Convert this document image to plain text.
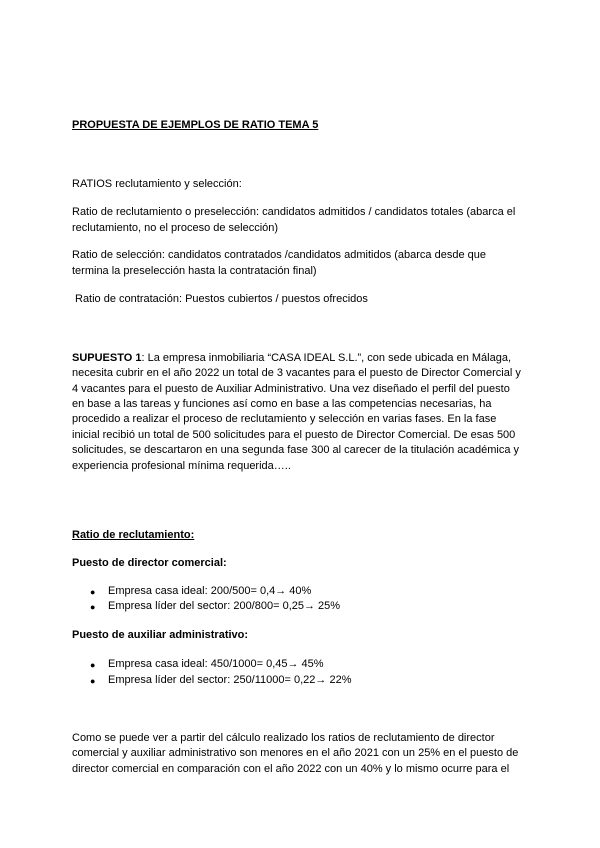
PROPUESTA DE EJEMPLOS DE RATIO TEMA 5
RATIOS reclutamiento y selección:
Ratio de reclutamiento o preselección: candidatos admitidos / candidatos totales (abarca el
reclutamiento, no el proceso de selección)
Ratio de selección: candidatos contratados /candidatos admitidos (abarca desde que
termina la preselección hasta la contratación final)
Ratio de contratación: Puestos cubiertos / puestos ofrecidos
SUPUESTO 1: La empresa inmobiliaria “CASA IDEAL S.L.”, con sede ubicada en Málaga,
necesita cubrir en el año 2022 un total de 3 vacantes para el puesto de Director Comercial y
4 vacantes para el puesto de Auxiliar Administrativo. Una vez diseñado el perfil del puesto
en base a las tareas y funciones así como en base a las competencias necesarias, ha
procedido a realizar el proceso de reclutamiento y selección en varias fases. En la fase
inicial recibió un total de 500 solicitudes para el puesto de Director Comercial. De esas 500
solicitudes, se descartaron en una segunda fase 300 al carecer de la titulación académica y
experiencia profesional mínima requerida…..
Ratio de reclutamiento:
Puesto de director comercial:
● Empresa casa ideal: 200/500= 0,4→ 40%
● Empresa líder del sector: 200/800= 0,25→ 25%
Puesto de auxiliar administrativo:
● Empresa casa ideal: 450/1000= 0,45→ 45%
● Empresa líder del sector: 250/11000= 0,22→ 22%
Como se puede ver a partir del cálculo realizado los ratios de reclutamiento de director
comercial y auxiliar administrativo son menores en el año 2021 con un 25% en el puesto de
director comercial en comparación con el año 2022 con un 40% y lo mismo ocurre para el
